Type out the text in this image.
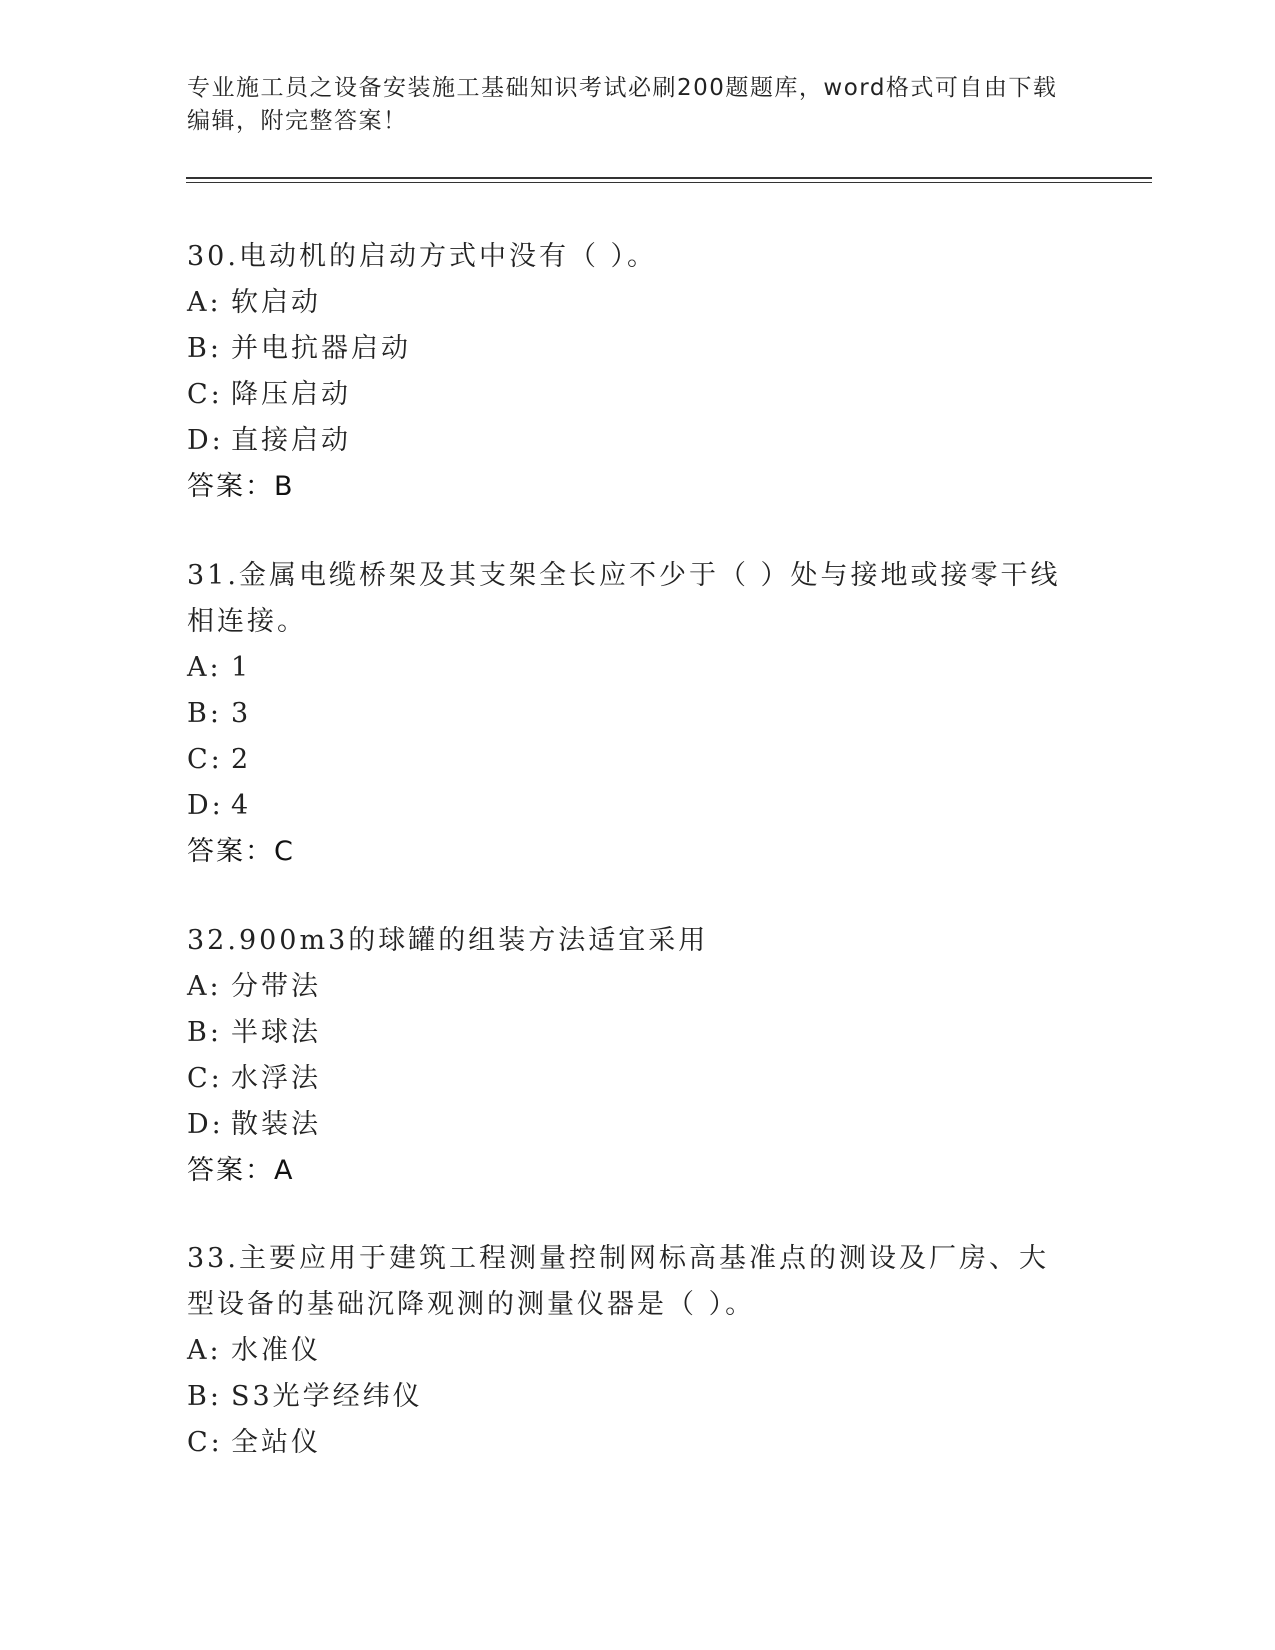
专业施工员之设备安装施工基础知识考试必刷200题题库，word格式可自由下载编辑，附完整答案！
30.电动机的启动方式中没有（ ）。
A: 软启动
B: 并电抗器启动
C: 降压启动
D: 直接启动
答案：B
31.金属电缆桥架及其支架全长应不少于（ ）处与接地或接零干线相连接。
A: 1
B: 3
C: 2
D: 4
答案：C
32.900m3的球罐的组装方法适宜采用
A: 分带法
B: 半球法
C: 水浮法
D: 散装法
答案：A
33.主要应用于建筑工程测量控制网标高基准点的测设及厂房、大型设备的基础沉降观测的测量仪器是（ ）。
A: 水准仪
B: S3光学经纬仪
C: 全站仪
